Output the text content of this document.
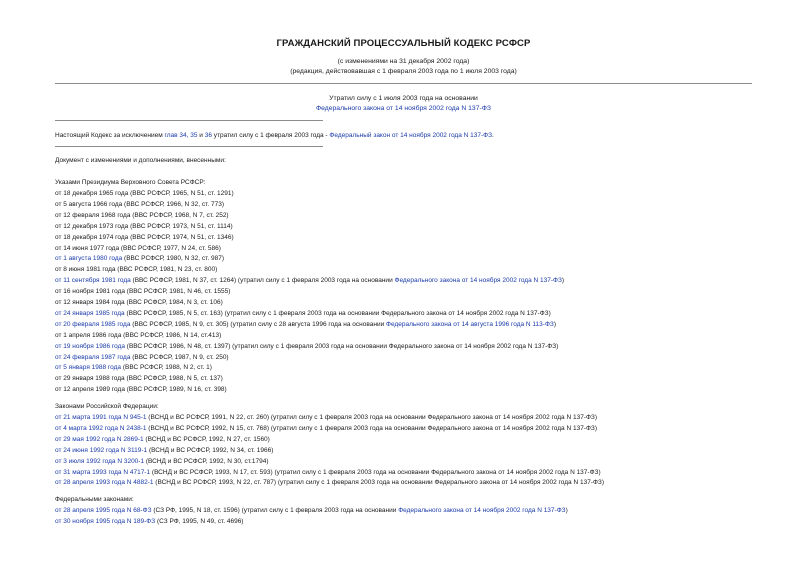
ГРАЖДАНСКИЙ ПРОЦЕССУАЛЬНЫЙ КОДЕКС РСФСР
(с изменениями на 31 декабря 2002 года)
(редакция, действовавшая с 1 февраля 2003 года по 1 июля 2003 года)
Утратил силу с 1 июля 2003 года на основании
Федерального закона от 14 ноября 2002 года N 137-ФЗ
Настоящий Кодекс за исключением глав 34, 35 и 36 утратил силу с 1 февраля 2003 года - Федеральный закон от 14 ноября 2002 года N 137-ФЗ.
Документ с изменениями и дополнениями, внесенными:
Указами Президиума Верховного Совета РСФСР:
от 18 декабря 1965 года (ВВС РСФСР, 1965, N 51, ст. 1291)
от 5 августа 1966 года (ВВС РСФСР, 1966, N 32, ст. 773)
от 12 февраля 1968 года (ВВС РСФСР, 1968, N 7, ст. 252)
от 12 декабря 1973 года (ВВС РСФСР, 1973, N 51, ст. 1114)
от 18 декабря 1974 года (ВВС РСФСР, 1974, N 51, ст. 1346)
от 14 июня 1977 года (ВВС РСФСР, 1977, N 24, ст. 586)
от 1 августа 1980 года (ВВС РСФСР, 1980, N 32, ст. 987)
от 8 июня 1981 года (ВВС РСФСР, 1981, N 23, ст. 800)
от 11 сентября 1981 года (ВВС РСФСР, 1981, N 37, ст. 1264) (утратил силу с 1 февраля 2003 года на основании Федерального закона от 14 ноября 2002 года N 137-ФЗ)
от 16 ноября 1981 года (ВВС РСФСР, 1981, N 46, ст. 1555)
от 12 января 1984 года (ВВС РСФСР, 1984, N 3, ст. 106)
от 24 января 1985 года (ВВС РСФСР, 1985, N 5, ст. 163) (утратил силу с 1 февраля 2003 года на основании Федерального закона от 14 ноября 2002 года N 137-ФЗ)
от 20 февраля 1985 года (ВВС РСФСР, 1985, N 9, ст. 305) (утратил силу с 28 августа 1996 года на основании Федерального закона от 14 августа 1996 года N 113-ФЗ)
от 1 апреля 1986 года (ВВС РСФСР, 1986, N 14, ст.413)
от 19 ноября 1986 года (ВВС РСФСР, 1986, N 48, ст. 1397) (утратил силу с 1 февраля 2003 года на основании Федерального закона от 14 ноября 2002 года N 137-ФЗ)
от 24 февраля 1987 года (ВВС РСФСР, 1987, N 9, ст. 250)
от 5 января 1988 года (ВВС РСФСР, 1988, N 2, ст. 1)
от 29 января 1988 года (ВВС РСФСР, 1988, N 5, ст. 137)
от 12 апреля 1989 года (ВВС РСФСР, 1989, N 16, ст. 398)
Законами Российской Федерации:
от 21 марта 1991 года N 945-1 (ВСНД и ВС РСФСР, 1991, N 22, ст. 260) (утратил силу с 1 февраля 2003 года на основании Федерального закона от 14 ноября 2002 года N 137-ФЗ)
от 4 марта 1992 года N 2438-1 (ВСНД и ВС РСФСР, 1992, N 15, ст. 768) (утратил силу с 1 февраля 2003 года на основании Федерального закона от 14 ноября 2002 года N 137-ФЗ)
от 29 мая 1992 года N 2869-1 (ВСНД и ВС РСФСР, 1992, N 27, ст. 1560)
от 24 июня 1992 года N 3119-1 (ВСНД и ВС РСФСР, 1992, N 34, ст. 1966)
от 3 июля 1992 года N 3200-1 (ВСНД и ВС РСФСР, 1992, N 30, ст.1794)
от 31 марта 1993 года N 4717-1 (ВСНД и ВС РСФСР, 1993, N 17, ст. 593) (утратил силу с 1 февраля 2003 года на основании Федерального закона от 14 ноября 2002 года N 137-ФЗ)
от 28 апреля 1993 года N 4882-1 (ВСНД и ВС РСФСР, 1993, N 22, ст. 787) (утратил силу с 1 февраля 2003 года на основании Федерального закона от 14 ноября 2002 года N 137-ФЗ)
Федеральными законами:
от 28 апреля 1995 года N 68-ФЗ (СЗ РФ, 1995, N 18, ст. 1596) (утратил силу с 1 февраля 2003 года на основании Федерального закона от 14 ноября 2002 года N 137-ФЗ)
от 30 ноября 1995 года N 189-ФЗ (СЗ РФ, 1995, N 49, ст. 4696)
